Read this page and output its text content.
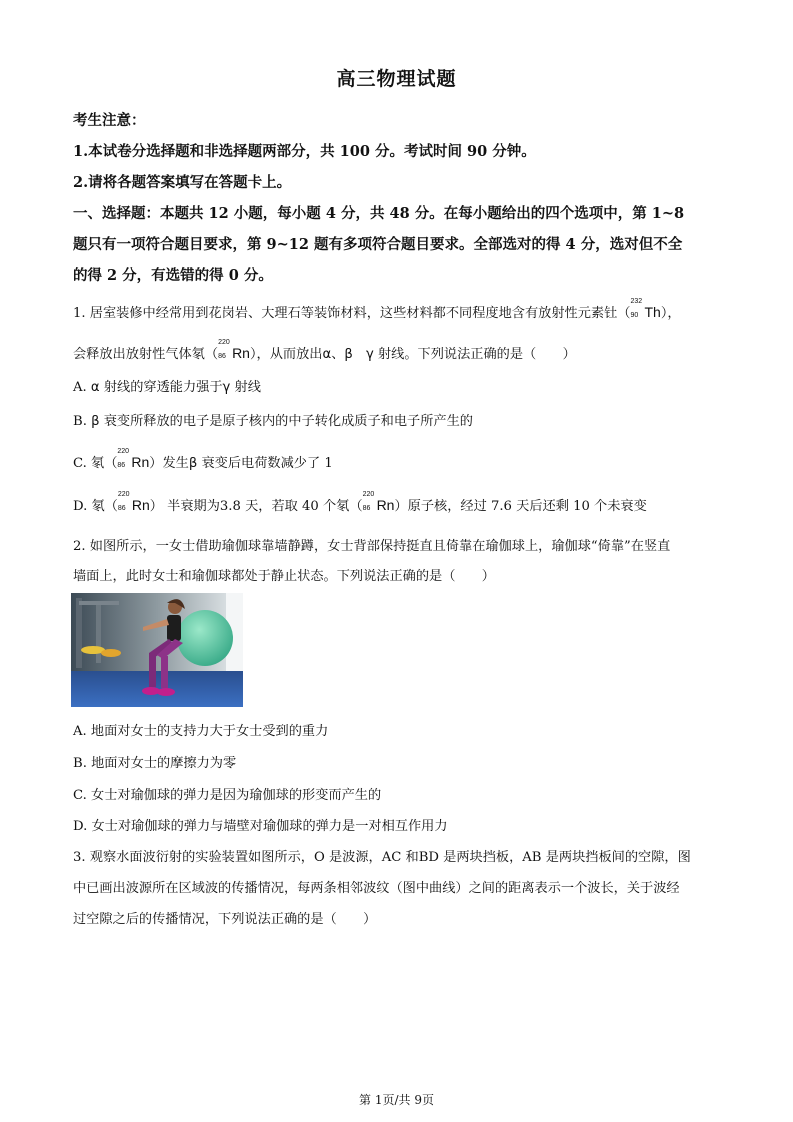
高三物理试题
考生注意：
1.本试卷分选择题和非选择题两部分，共 100 分。考试时间 90 分钟。
2.请将各题答案填写在答题卡上。
一、选择题：本题共 12 小题，每小题 4 分，共 48 分。在每小题给出的四个选项中，第 1~8
题只有一项符合题目要求，第 9~12 题有多项符合题目要求。全部选对的得 4 分，选对但不全
的得 2 分，有选错的得 0 分。
1. 居室装修中经常用到花岗岩、大理石等装饰材料，这些材料都不同程度地含有放射性元素钍（
232
90 Th），
会释放出放射性气体氡（
220
86 Rn），从而放出α、β　γ 射线。下列说法正确的是（　　）
A. α 射线的穿透能力强于γ 射线
B. β 衰变所释放的电子是原子核内的中子转化成质子和电子所产生的
C. 氡（
220
86 Rn）发生β 衰变后电荷数减少了 1
D. 氡（
220
86 Rn） 半衰期为3.8 天，若取 40 个氡（
220
86 Rn）原子核，经过 7.6 天后还剩 10 个未衰变
2. 如图所示，一女士借助瑜伽球靠墙静蹲，女士背部保持挺直且倚靠在瑜伽球上，瑜伽球“倚靠”在竖直
墙面上，此时女士和瑜伽球都处于静止状态。下列说法正确的是（　　）
A. 地面对女士的支持力大于女士受到的重力
B. 地面对女士的摩擦力为零
C. 女士对瑜伽球的弹力是因为瑜伽球的形变而产生的
D. 女士对瑜伽球的弹力与墙壁对瑜伽球的弹力是一对相互作用力
3. 观察水面波衍射的实验装置如图所示，O 是波源，AC 和BD 是两块挡板，AB 是两块挡板间的空隙，图
中已画出波源所在区域波的传播情况，每两条相邻波纹（图中曲线）之间的距离表示一个波长，关于波经
过空隙之后的传播情况，下列说法正确的是（　　）
第 1页/共 9页
